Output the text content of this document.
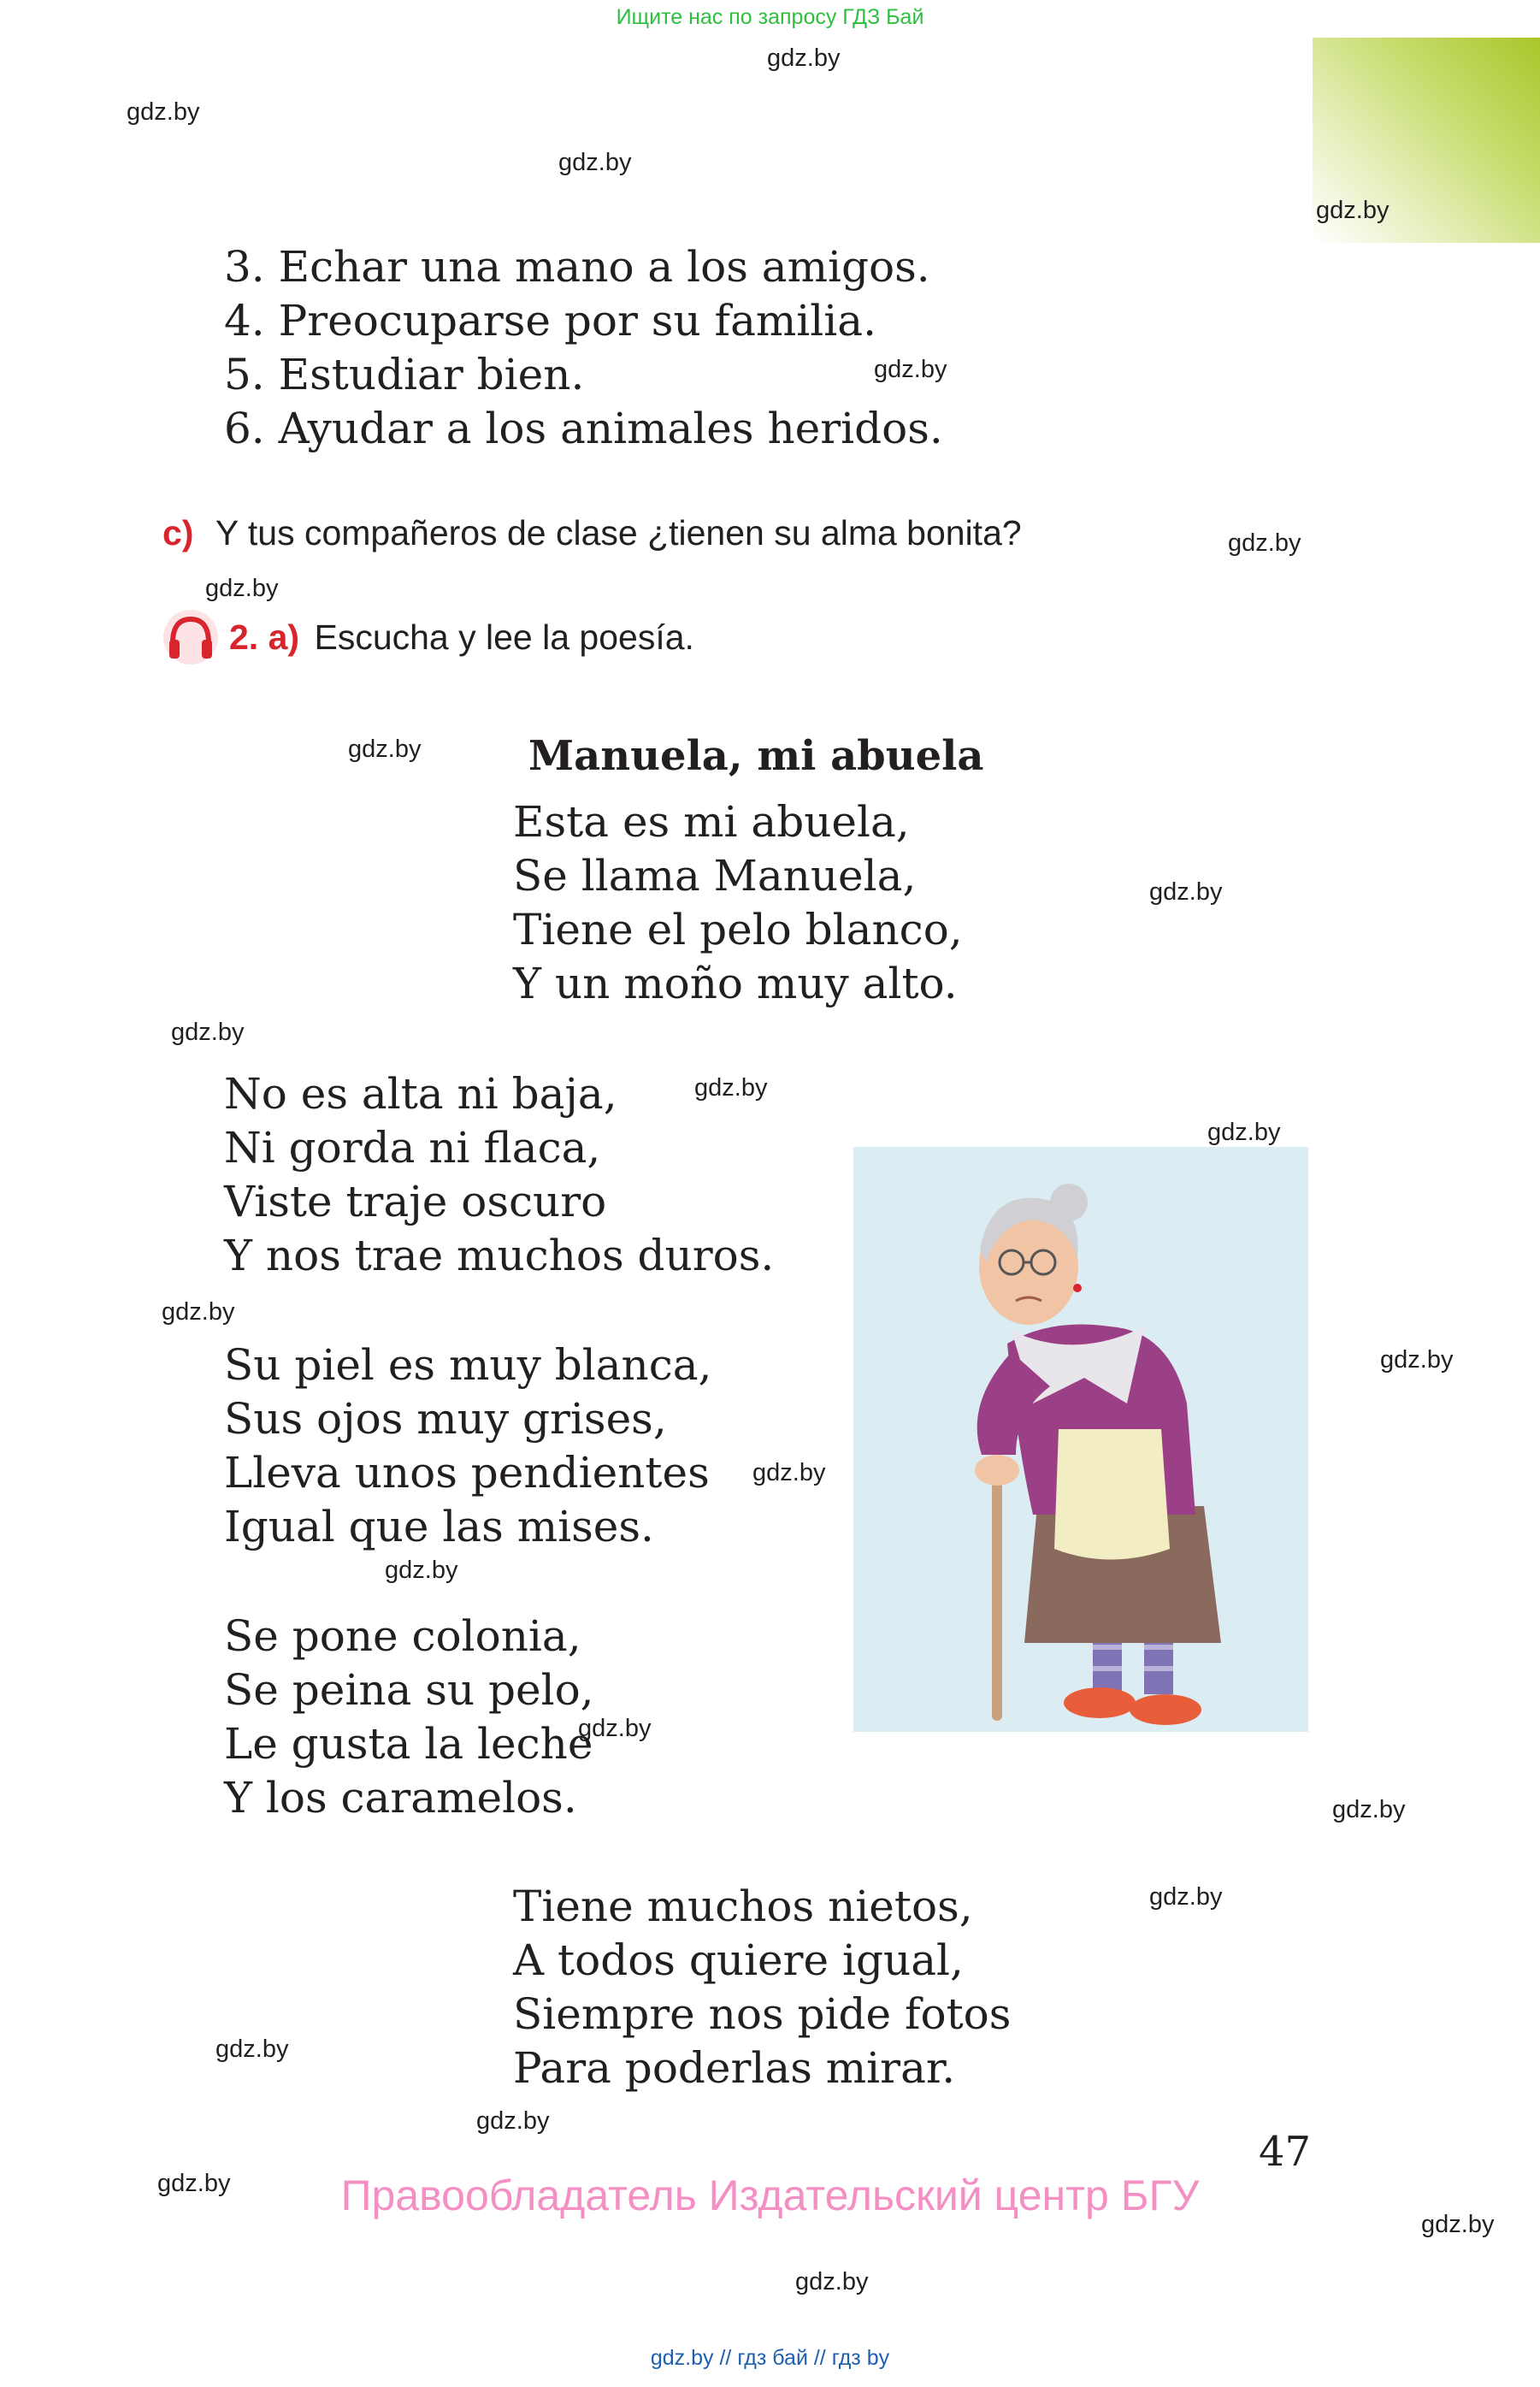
Ищите нас по запросу ГДЗ Бай
gdz.by
gdz.by
gdz.by
gdz.by
gdz.by
gdz.by
gdz.by
gdz.by
gdz.by
gdz.by
gdz.by
gdz.by
gdz.by
gdz.by
gdz.by
gdz.by
gdz.by
gdz.by
gdz.by
gdz.by
gdz.by
gdz.by
gdz.by
gdz.by
3. Echar una mano a los amigos.
4. Preocuparse por su familia.
5. Estudiar bien.
6. Ayudar a los animales heridos.
c) Y tus compañeros de clase ¿tienen su alma bonita?
2. a) Escucha y lee la poesía.
Manuela, mi abuela
Esta es mi abuela,
Se llama Manuela,
Tiene el pelo blanco,
Y un moño muy alto.
No es alta ni baja,
Ni gorda ni flaca,
Viste traje oscuro
Y nos trae muchos duros.
Su piel es muy blanca,
Sus ojos muy grises,
Lleva unos pendientes
Igual que las mises.
Se pone colonia,
Se peina su pelo,
Le gusta la leche
Y los caramelos.
Tiene muchos nietos,
A todos quiere igual,
Siempre nos pide fotos
Para poderlas mirar.
47
Правообладатель Издательский центр БГУ
gdz.by // гдз бай // гдз by
